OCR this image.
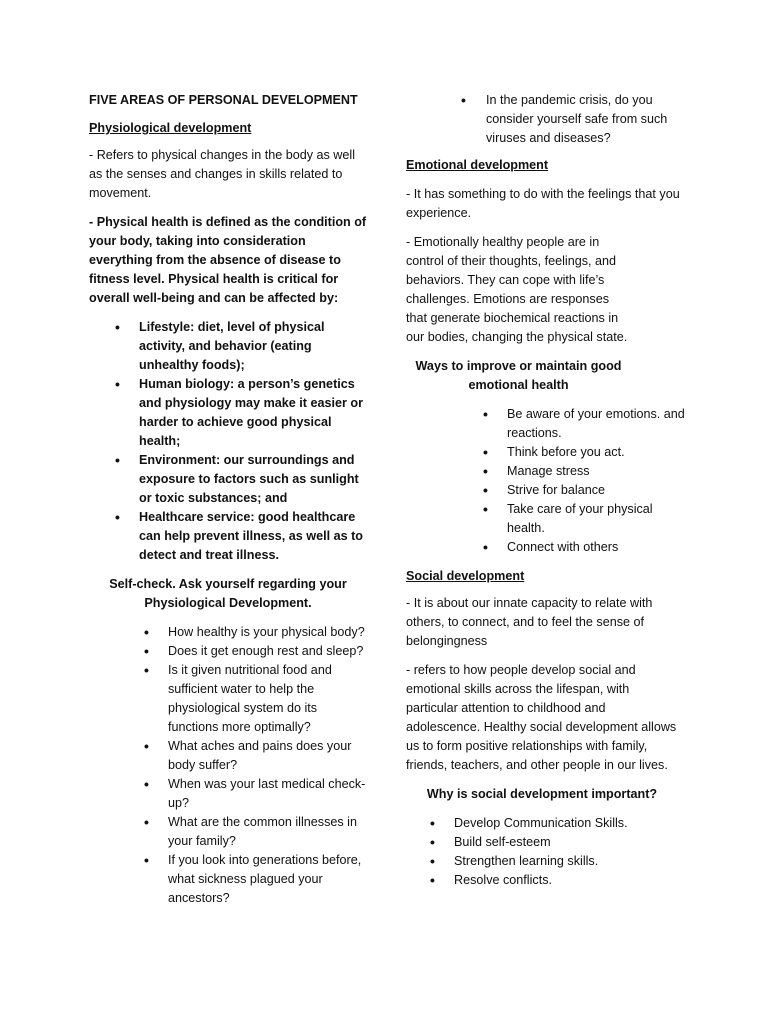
FIVE AREAS OF PERSONAL DEVELOPMENT

Physiological development

- Refers to physical changes in the body as well as the senses and changes in skills related to movement.

- Physical health is defined as the condition of your body, taking into consideration everything from the absence of disease to fitness level. Physical health is critical for overall well-being and can be affected by:

• Lifestyle: diet, level of physical activity, and behavior (eating unhealthy foods);
• Human biology: a person’s genetics and physiology may make it easier or harder to achieve good physical health;
• Environment: our surroundings and exposure to factors such as sunlight or toxic substances; and
• Healthcare service: good healthcare can help prevent illness, as well as to detect and treat illness.

Self-check. Ask yourself regarding your Physiological Development.

• How healthy is your physical body?
• Does it get enough rest and sleep?
• Is it given nutritional food and sufficient water to help the physiological system do its functions more optimally?
• What aches and pains does your body suffer?
• When was your last medical check-up?
• What are the common illnesses in your family?
• If you look into generations before, what sickness plagued your ancestors?
• In the pandemic crisis, do you consider yourself safe from such viruses and diseases?

Emotional development

- It has something to do with the feelings that you experience.

- Emotionally healthy people are in control of their thoughts, feelings, and behaviors. They can cope with life’s challenges. Emotions are responses that generate biochemical reactions in our bodies, changing the physical state.

Ways to improve or maintain good emotional health

• Be aware of your emotions. and reactions.
• Think before you act.
• Manage stress
• Strive for balance
• Take care of your physical health.
• Connect with others

Social development

- It is about our innate capacity to relate with others, to connect, and to feel the sense of belongingness

- refers to how people develop social and emotional skills across the lifespan, with particular attention to childhood and adolescence. Healthy social development allows us to form positive relationships with family, friends, teachers, and other people in our lives.

Why is social development important?

• Develop Communication Skills.
• Build self-esteem
• Strengthen learning skills.
• Resolve conflicts.
